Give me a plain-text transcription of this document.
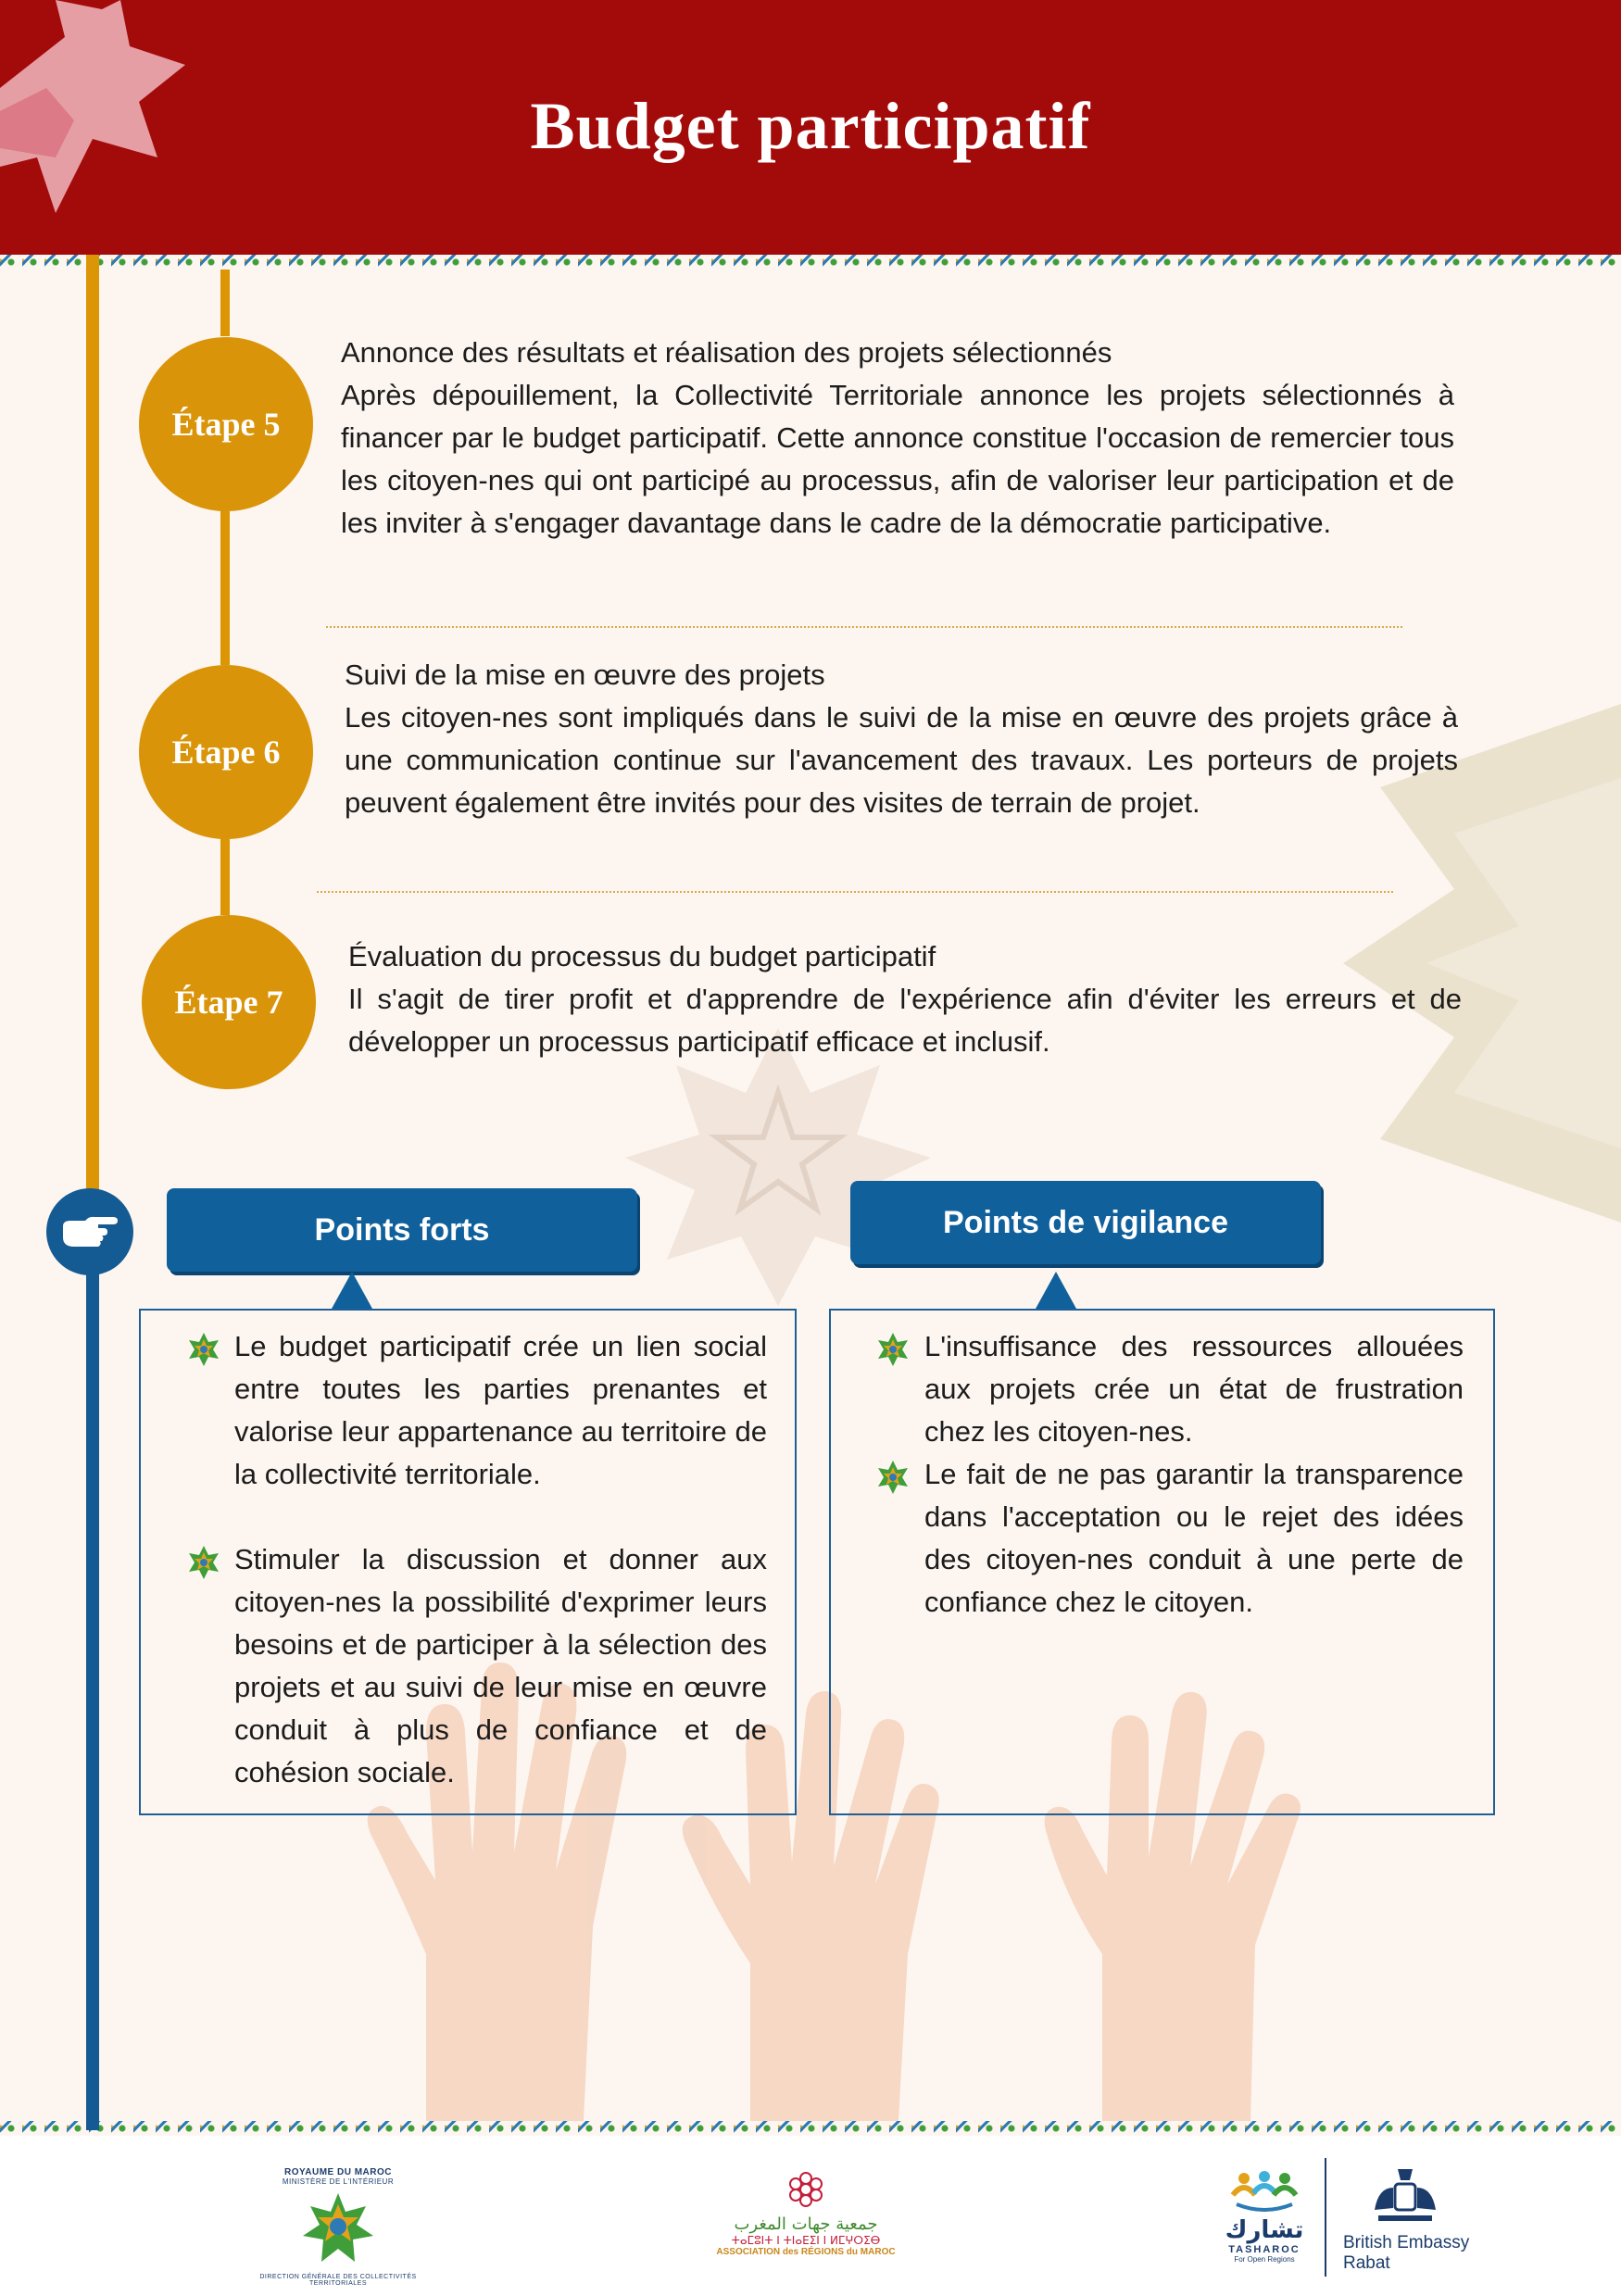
Budget participatif
Étape 5
Annonce des résultats et réalisation des projets sélectionnés
Après dépouillement, la Collectivité Territoriale annonce les projets sélectionnés à financer par le budget participatif. Cette annonce constitue l'occasion de remercier tous les citoyen-nes qui ont participé au processus, afin de valoriser leur participation et de les inviter à s'engager davantage dans le cadre de la démocratie participative.
Étape 6
Suivi de la mise en œuvre des projets
Les citoyen-nes sont impliqués dans le suivi de la mise en œuvre des projets grâce à une communication continue sur l'avancement des travaux. Les porteurs de projets peuvent également être invités pour des visites de terrain de projet.
Étape 7
Évaluation du processus du budget participatif
Il s'agit de tirer profit et d'apprendre de l'expérience afin d'éviter les erreurs et de développer un processus participatif efficace et inclusif.
Points forts
Le budget participatif crée un lien social entre toutes les parties prenantes et valorise leur appartenance au territoire de la collectivité territoriale.
Stimuler la discussion et donner aux citoyen-nes la possibilité d'exprimer leurs besoins et de participer à la sélection des projets et au suivi de leur mise en œuvre conduit à plus de confiance et de cohésion sociale.
Points de vigilance
L'insuffisance des ressources allouées aux projets crée un état de frustration chez les citoyen-nes.
Le fait de ne pas garantir la transparence dans l'acceptation ou le rejet des idées des citoyen-nes conduit à une perte de confiance chez le citoyen.
ROYAUME DU MAROC
MINISTÈRE DE L'INTÉRIEUR
DIRECTION GÉNÉRALE DES COLLECTIVITÉS TERRITORIALES
جمعية جهات المغرب
ⵜⴰⵎⵓⵏⵜ ⵏ ⵜⵏⴰⴹⵉⵏ ⵏ ⵍⵎⵖⵔⵉⴱ
ASSOCIATION des RÉGIONS du MAROC
تشارك
TASHAROC
For Open Regions
British Embassy
Rabat
